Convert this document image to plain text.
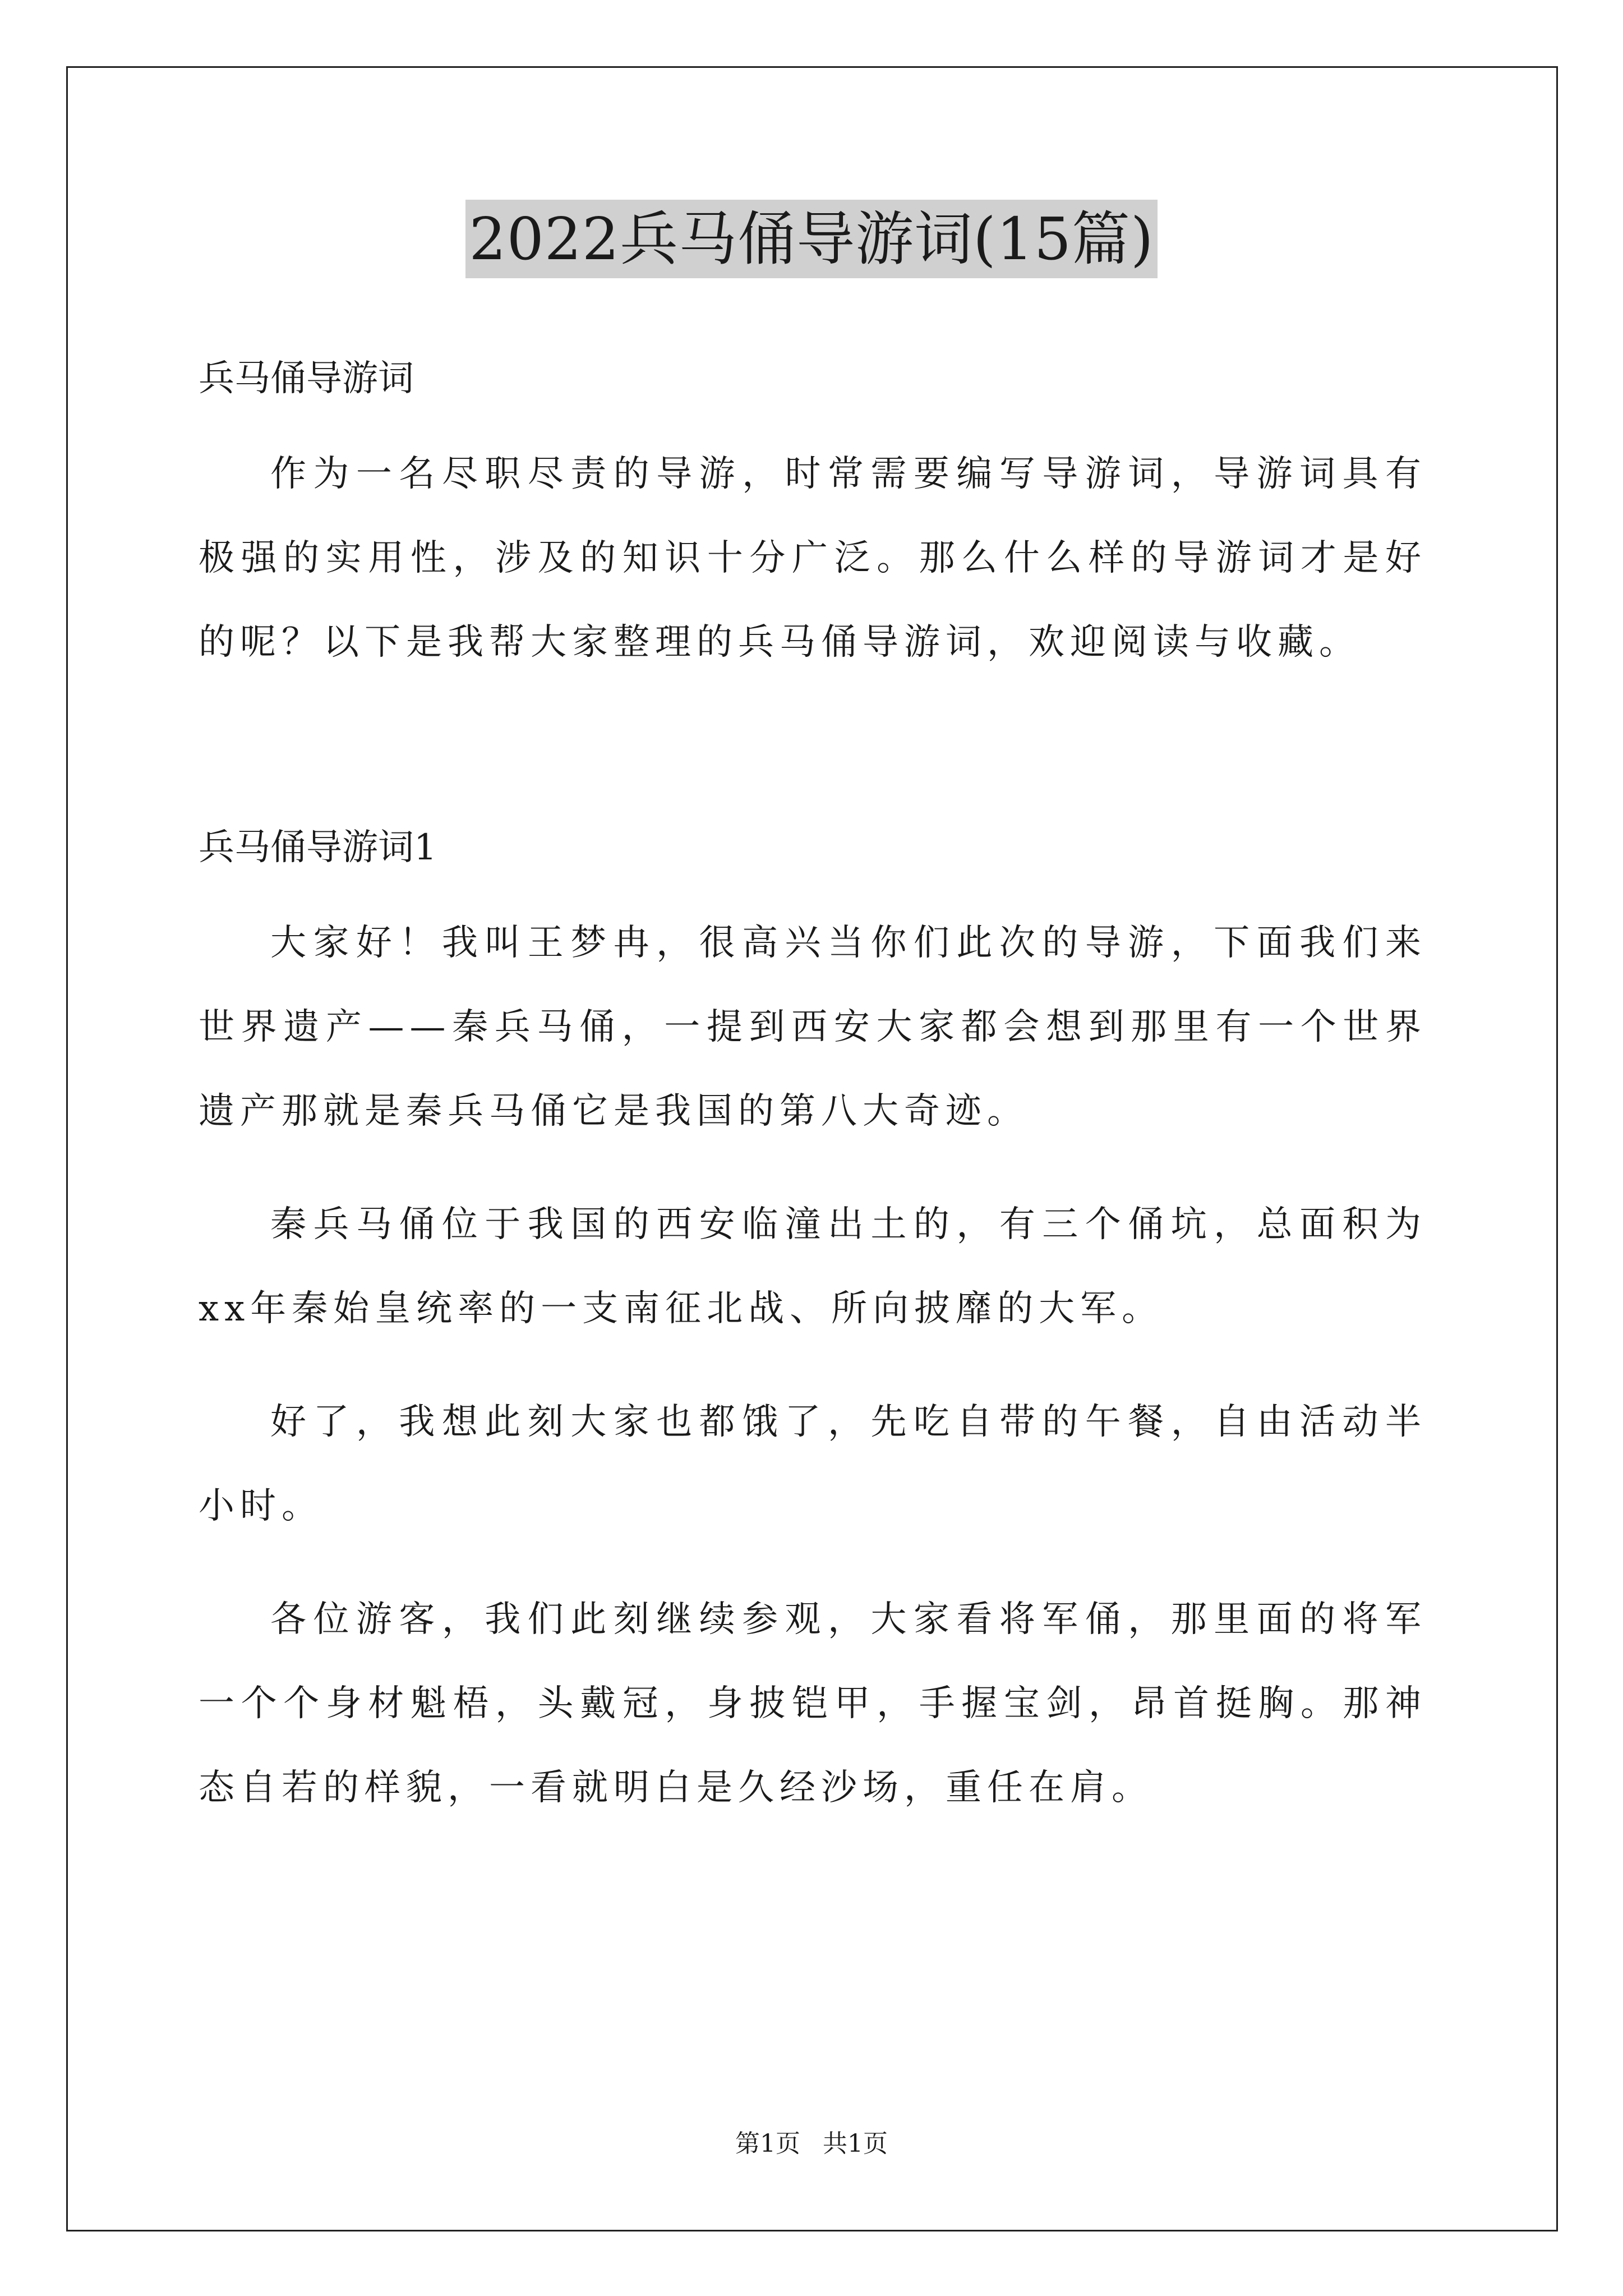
2022兵马俑导游词(15篇)

兵马俑导游词

作为一名尽职尽责的导游，时常需要编写导游词，导游词具有极强的实用性，涉及的知识十分广泛。那么什么样的导游词才是好的呢？以下是我帮大家整理的兵马俑导游词，欢迎阅读与收藏。

兵马俑导游词1

大家好！我叫王梦冉，很高兴当你们此次的导游，下面我们来世界遗产——秦兵马俑，一提到西安大家都会想到那里有一个世界遗产那就是秦兵马俑它是我国的第八大奇迹。

秦兵马俑位于我国的西安临潼出土的，有三个俑坑，总面积为xx年秦始皇统率的一支南征北战、所向披靡的大军。

好了，我想此刻大家也都饿了，先吃自带的午餐，自由活动半小时。

各位游客，我们此刻继续参观，大家看将军俑，那里面的将军一个个身材魁梧，头戴冠，身披铠甲，手握宝剑，昂首挺胸。那神态自若的样貌，一看就明白是久经沙场，重任在肩。

第1页 共1页
